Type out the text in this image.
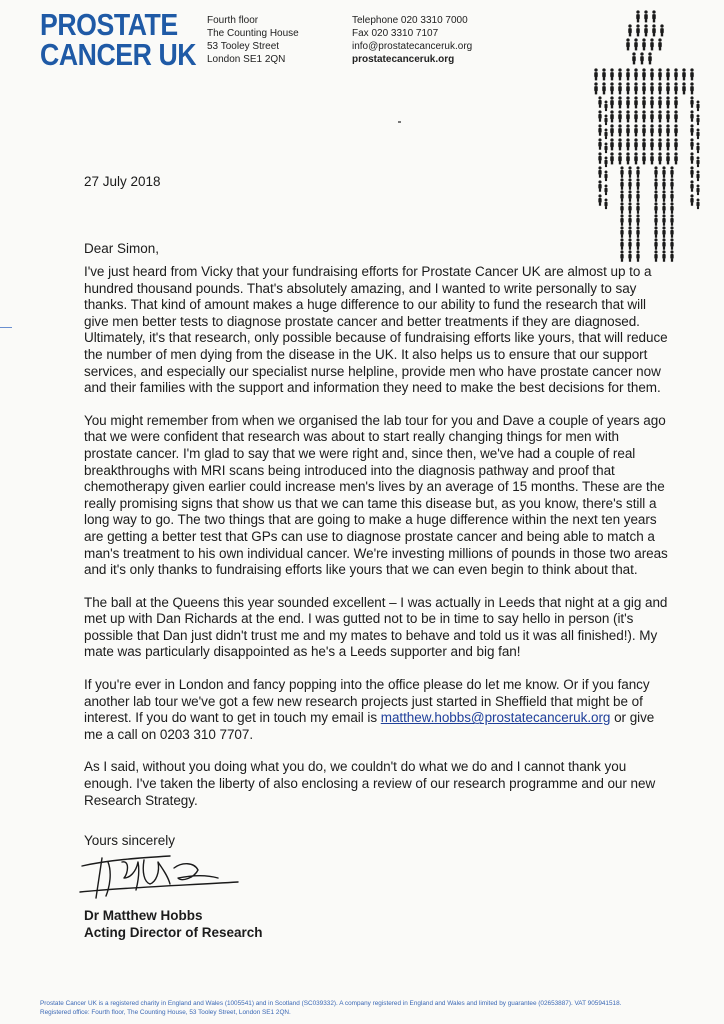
PROSTATE
CANCER UK
Fourth floor
The Counting House
53 Tooley Street
London SE1 2QN
Telephone 020 3310 7000
Fax 020 3310 7107
info@prostatecanceruk.org
prostatecanceruk.org
27 July 2018
Dear Simon,

I've just heard from Vicky that your fundraising efforts for Prostate Cancer UK are almost up to a hundred thousand pounds. That's absolutely amazing, and I wanted to write personally to say thanks. That kind of amount makes a huge difference to our ability to fund the research that will give men better tests to diagnose prostate cancer and better treatments if they are diagnosed. Ultimately, it's that research, only possible because of fundraising efforts like yours, that will reduce the number of men dying from the disease in the UK. It also helps us to ensure that our support services, and especially our specialist nurse helpline, provide men who have prostate cancer now and their families with the support and information they need to make the best decisions for them.

You might remember from when we organised the lab tour for you and Dave a couple of years ago that we were confident that research was about to start really changing things for men with prostate cancer. I'm glad to say that we were right and, since then, we've had a couple of real breakthroughs with MRI scans being introduced into the diagnosis pathway and proof that chemotherapy given earlier could increase men's lives by an average of 15 months. These are the really promising signs that show us that we can tame this disease but, as you know, there's still a long way to go. The two things that are going to make a huge difference within the next ten years are getting a better test that GPs can use to diagnose prostate cancer and being able to match a man's treatment to his own individual cancer. We're investing millions of pounds in those two areas and it's only thanks to fundraising efforts like yours that we can even begin to think about that.

The ball at the Queens this year sounded excellent – I was actually in Leeds that night at a gig and met up with Dan Richards at the end. I was gutted not to be in time to say hello in person (it's possible that Dan just didn't trust me and my mates to behave and told us it was all finished!). My mate was particularly disappointed as he's a Leeds supporter and big fan!

If you're ever in London and fancy popping into the office please do let me know. Or if you fancy another lab tour we've got a few new research projects just started in Sheffield that might be of interest. If you do want to get in touch my email is matthew.hobbs@prostatecanceruk.org or give me a call on 0203 310 7707.

As I said, without you doing what you do, we couldn't do what we do and I cannot thank you enough. I've taken the liberty of also enclosing a review of our research programme and our new Research Strategy.

Yours sincerely
Dr Matthew Hobbs
Acting Director of Research
Prostate Cancer UK is a registered charity in England and Wales (1005541) and in Scotland (SC039332). A company registered in England and Wales and limited by guarantee (02653887). VAT 905941518.
Registered office: Fourth floor, The Counting House, 53 Tooley Street, London SE1 2QN.
